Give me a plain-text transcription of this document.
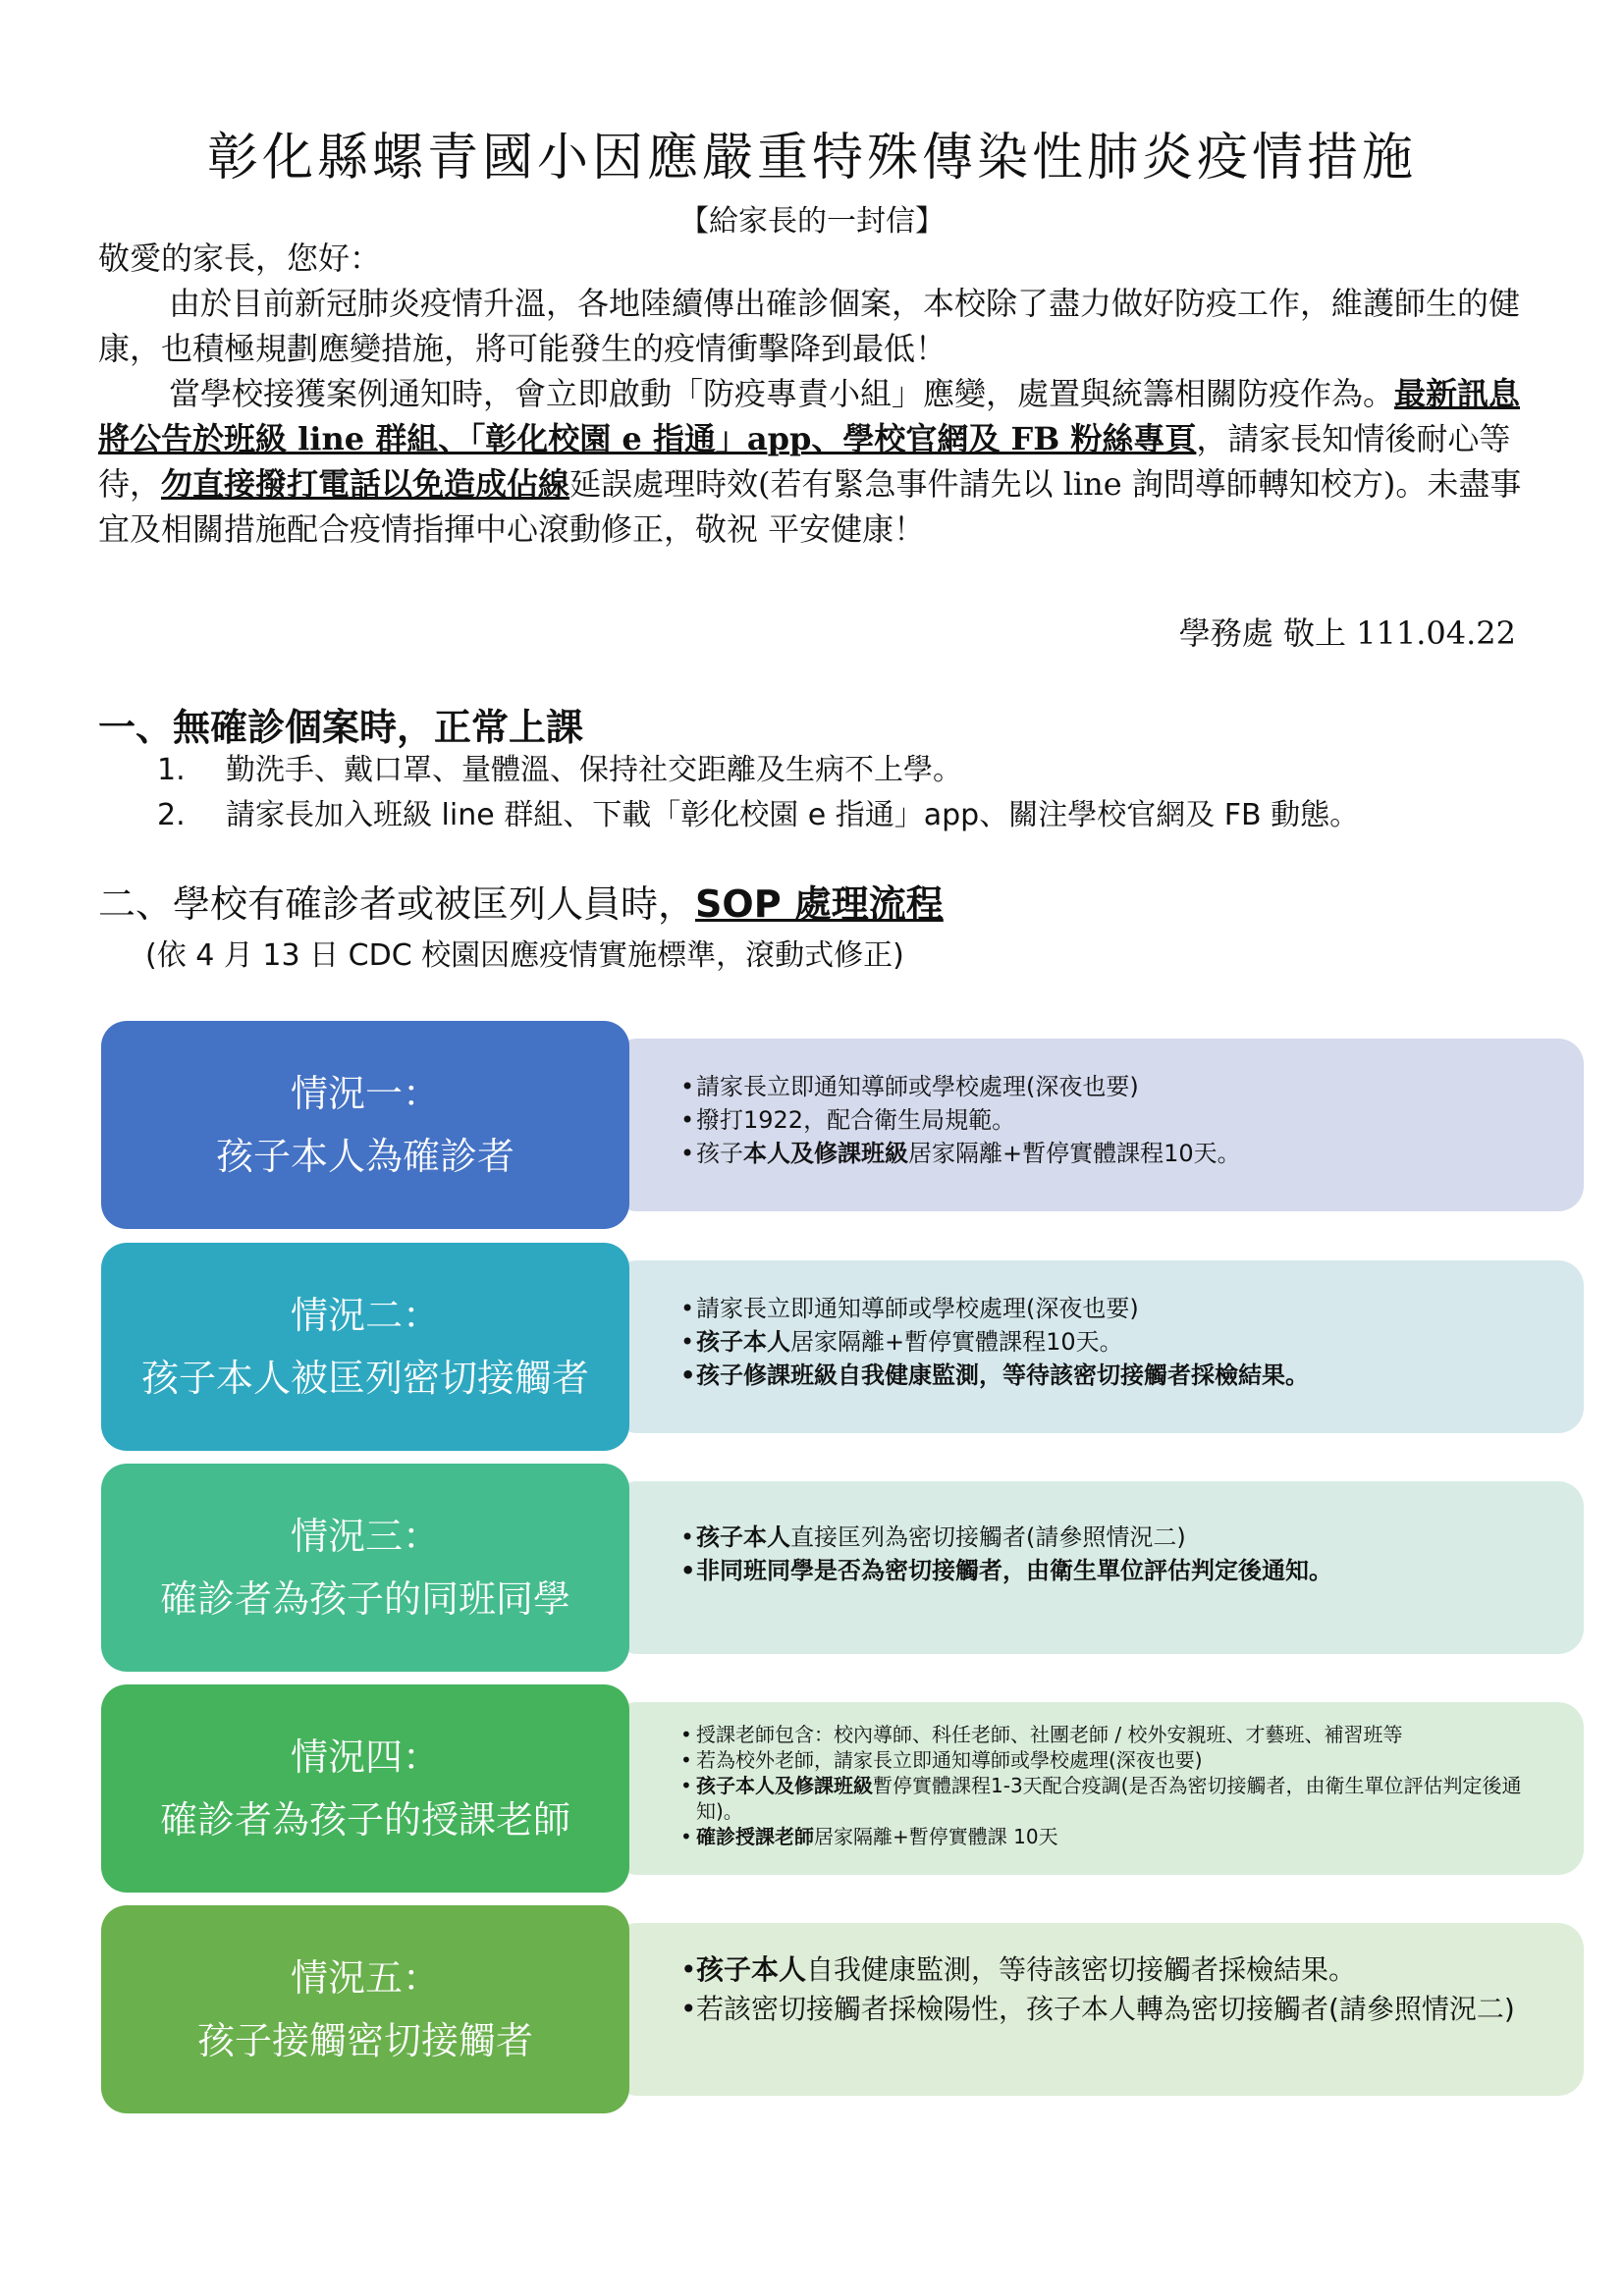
彰化縣螺青國小因應嚴重特殊傳染性肺炎疫情措施
【給家長的一封信】

敬愛的家長，您好：

由於目前新冠肺炎疫情升溫，各地陸續傳出確診個案，本校除了盡力做好防疫工作，維護師生的健康，也積極規劃應變措施，將可能發生的疫情衝擊降到最低！

當學校接獲案例通知時，會立即啟動「防疫專責小組」應變，處置與統籌相關防疫作為。最新訊息將公告於班級 line 群組、「彰化校園 e 指通」app、學校官網及 FB 粉絲專頁，請家長知情後耐心等待，勿直接撥打電話以免造成佔線延誤處理時效(若有緊急事件請先以 line 詢問導師轉知校方)。未盡事宜及相關措施配合疫情指揮中心滾動修正，敬祝 平安健康！

學務處 敬上 111.04.22
一、無確診個案時，正常上課
1. 勤洗手、戴口罩、量體溫、保持社交距離及生病不上學。
2. 請家長加入班級 line 群組、下載「彰化校園 e 指通」app、關注學校官網及 FB 動態。
二、學校有確診者或被匡列人員時，SOP 處理流程
(依 4 月 13 日 CDC 校園因應疫情實施標準，滾動式修正)
情況一：
孩子本人為確診者
• 請家長立即通知導師或學校處理(深夜也要)
• 撥打1922，配合衛生局規範。
• 孩子本人及修課班級居家隔離+暫停實體課程10天。
情況二：
孩子本人被匡列密切接觸者
• 請家長立即通知導師或學校處理(深夜也要)
• 孩子本人居家隔離+暫停實體課程10天。
• 孩子修課班級自我健康監測，等待該密切接觸者採檢結果。
情況三：
確診者為孩子的同班同學
• 孩子本人直接匡列為密切接觸者(請參照情況二)
• 非同班同學是否為密切接觸者，由衛生單位評估判定後通知。
情況四：
確診者為孩子的授課老師
• 授課老師包含：校內導師、科任老師、社團老師 / 校外安親班、才藝班、補習班等
• 若為校外老師，請家長立即通知導師或學校處理(深夜也要)
• 孩子本人及修課班級暫停實體課程1-3天配合疫調(是否為密切接觸者，由衛生單位評估判定後通知)。
• 確診授課老師居家隔離+暫停實體課 10天
情況五：
孩子接觸密切接觸者
• 孩子本人自我健康監測，等待該密切接觸者採檢結果。
• 若該密切接觸者採檢陽性，孩子本人轉為密切接觸者(請參照情況二)
